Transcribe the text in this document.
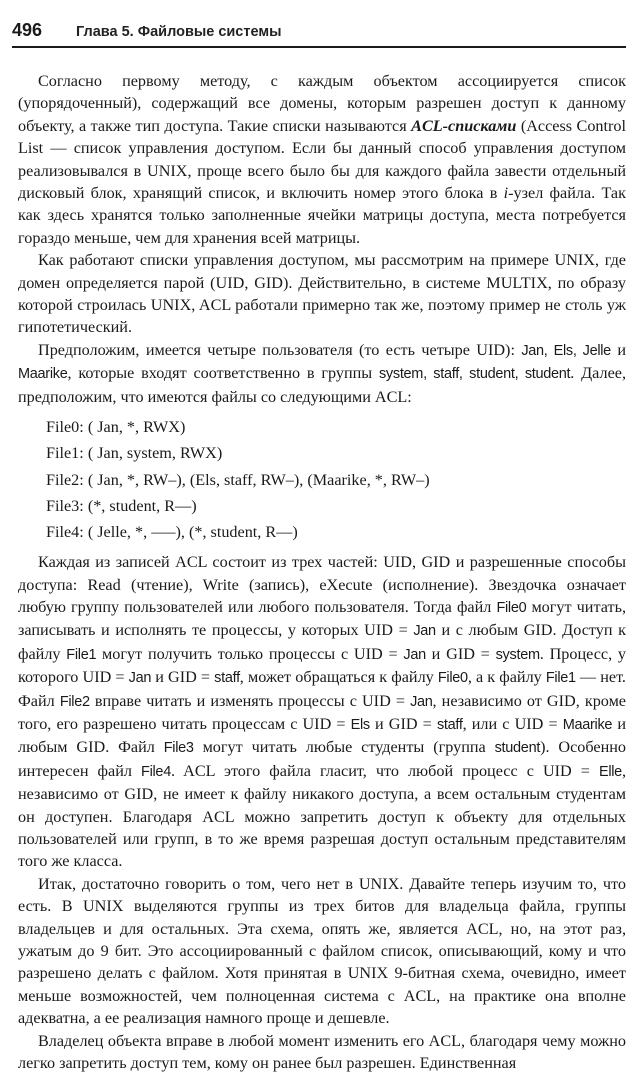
496	Глава 5. Файловые системы

Согласно первому методу, с каждым объектом ассоциируется список (упорядоченный), содержащий все домены, которым разрешен доступ к данному объекту, а также тип доступа. Такие списки называются ACL-списками (Access Control List — список управления доступом. Если бы данный способ управления доступом реализовывался в UNIX, проще всего было бы для каждого файла завести отдельный дисковый блок, хранящий список, и включить номер этого блока в i-узел файла. Так как здесь хранятся только заполненные ячейки матрицы доступа, места потребуется гораздо меньше, чем для хранения всей матрицы.

Как работают списки управления доступом, мы рассмотрим на примере UNIX, где домен определяется парой (UID, GID). Действительно, в системе MULTIX, по образу которой строилась UNIX, ACL работали примерно так же, поэтому пример не столь уж гипотетический.

Предположим, имеется четыре пользователя (то есть четыре UID): Jan, Els, Jelle и Maarike, которые входят соответственно в группы system, staff, student, student. Далее, предположим, что имеются файлы со следующими ACL:

File0: ( Jan, *, RWX)
File1: ( Jan, system, RWX)
File2: ( Jan, *, RW–), (Els, staff, RW–), (Maarike, *, RW–)
File3: (*, student, R––)
File4: ( Jelle, *, –––), (*, student, R––)

Каждая из записей ACL состоит из трех частей: UID, GID и разрешенные способы доступа: Read (чтение), Write (запись), eXecute (исполнение). Звездочка означает любую группу пользователей или любого пользователя. Тогда файл File0 могут читать, записывать и исполнять те процессы, у которых UID = Jan и с любым GID. Доступ к файлу File1 могут получить только процессы с UID = Jan и GID = system. Процесс, у которого UID = Jan и GID = staff, может обращаться к файлу File0, а к файлу File1 — нет. Файл File2 вправе читать и изменять процессы с UID = Jan, независимо от GID, кроме того, его разрешено читать процессам с UID = Els и GID = staff, или с UID = Maarike и любым GID. Файл File3 могут читать любые студенты (группа student). Особенно интересен файл File4. ACL этого файла гласит, что любой процесс с UID = Elle, независимо от GID, не имеет к файлу никакого доступа, а всем остальным студентам он доступен. Благодаря ACL можно запретить доступ к объекту для отдельных пользователей или групп, в то же время разрешая доступ остальным представителям того же класса.

Итак, достаточно говорить о том, чего нет в UNIX. Давайте теперь изучим то, что есть. В UNIX выделяются группы из трех битов для владельца файла, группы владельцев и для остальных. Эта схема, опять же, является ACL, но, на этот раз, ужатым до 9 бит. Это ассоциированный с файлом список, описывающий, кому и что разрешено делать с файлом. Хотя принятая в UNIX 9-битная схема, очевидно, имеет меньше возможностей, чем полноценная система с ACL, на практике она вполне адекватна, а ее реализация намного проще и дешевле.

Владелец объекта вправе в любой момент изменить его ACL, благодаря чему можно легко запретить доступ тем, кому он ранее был разрешен. Единственная
